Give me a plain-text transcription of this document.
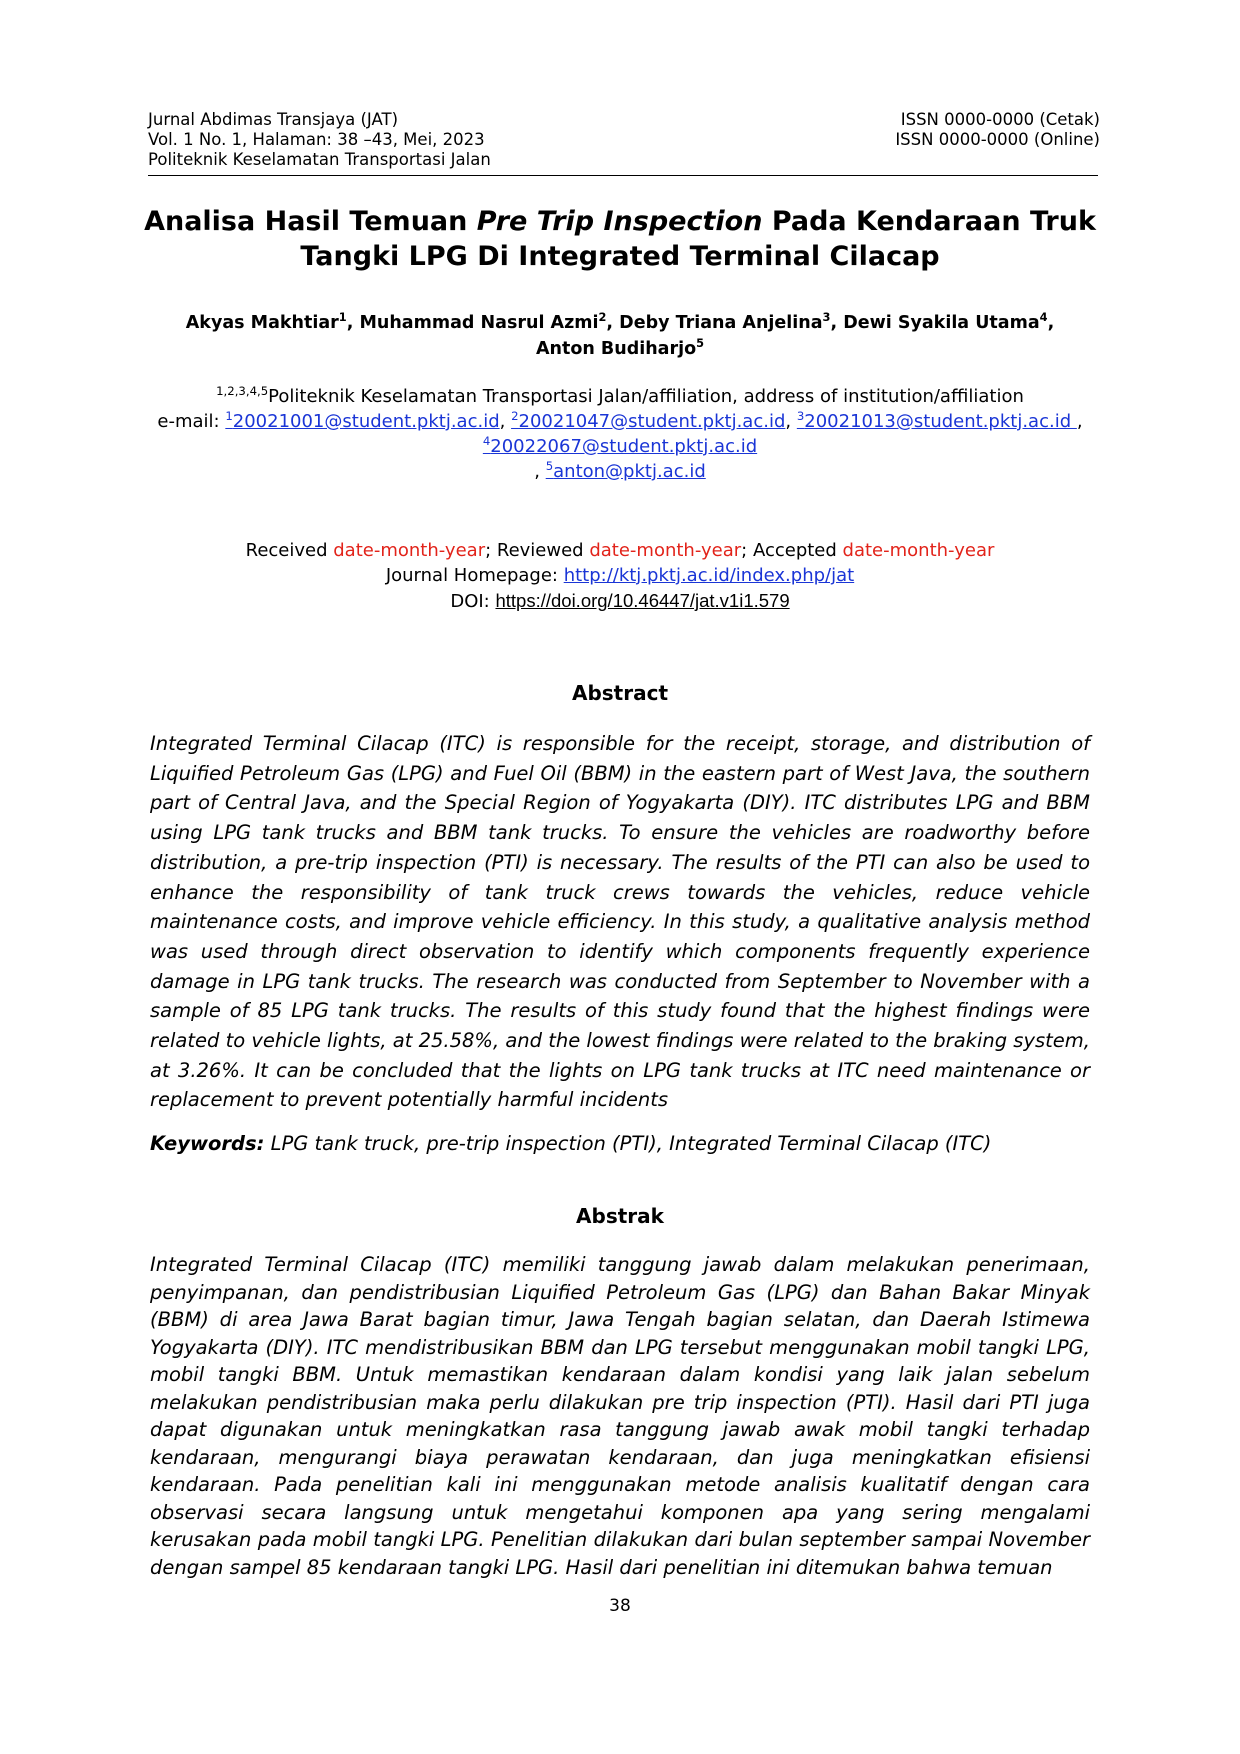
Jurnal Abdimas Transjaya (JAT)
Vol. 1 No. 1, Halaman: 38 –43, Mei, 2023
Politeknik Keselamatan Transportasi Jalan
ISSN 0000-0000 (Cetak)
ISSN 0000-0000 (Online)
Analisa Hasil Temuan Pre Trip Inspection Pada Kendaraan Truk Tangki LPG Di Integrated Terminal Cilacap
Akyas Makhtiar$^1$, Muhammad Nasrul Azmi$^2$, Deby Triana Anjelina$^3$, Dewi Syakila Utama$^4$,
Anton Budiharjo$^5$
$^{1,2,3,4,5}$Politeknik Keselamatan Transportasi Jalan/affiliation, address of institution/affiliation
e-mail: $^1$20021001@student.pktj.ac.id, $^2$20021047@student.pktj.ac.id, $^3$20021013@student.pktj.ac.id ,
$^4$20022067@student.pktj.ac.id
, $^5$anton@pktj.ac.id
Received date-month-year; Reviewed date-month-year; Accepted date-month-year
Journal Homepage: http://ktj.pktj.ac.id/index.php/jat
DOI: https://doi.org/10.46447/jat.v1i1.579
Abstract
Integrated Terminal Cilacap (ITC) is responsible for the receipt, storage, and distribution of Liquified Petroleum Gas (LPG) and Fuel Oil (BBM) in the eastern part of West Java, the southern part of Central Java, and the Special Region of Yogyakarta (DIY). ITC distributes LPG and BBM using LPG tank trucks and BBM tank trucks. To ensure the vehicles are roadworthy before distribution, a pre-trip inspection (PTI) is necessary. The results of the PTI can also be used to enhance the responsibility of tank truck crews towards the vehicles, reduce vehicle maintenance costs, and improve vehicle efficiency. In this study, a qualitative analysis method was used through direct observation to identify which components frequently experience damage in LPG tank trucks. The research was conducted from September to November with a sample of 85 LPG tank trucks. The results of this study found that the highest findings were related to vehicle lights, at 25.58%, and the lowest findings were related to the braking system, at 3.26%. It can be concluded that the lights on LPG tank trucks at ITC need maintenance or replacement to prevent potentially harmful incidents
Keywords: LPG tank truck, pre-trip inspection (PTI), Integrated Terminal Cilacap (ITC)
Abstrak
Integrated Terminal Cilacap (ITC) memiliki tanggung jawab dalam melakukan penerimaan, penyimpanan, dan pendistribusian Liquified Petroleum Gas (LPG) dan Bahan Bakar Minyak (BBM) di area Jawa Barat bagian timur, Jawa Tengah bagian selatan, dan Daerah Istimewa Yogyakarta (DIY). ITC mendistribusikan BBM dan LPG tersebut menggunakan mobil tangki LPG, mobil tangki BBM. Untuk memastikan kendaraan dalam kondisi yang laik jalan sebelum melakukan pendistribusian maka perlu dilakukan pre trip inspection (PTI). Hasil dari PTI juga dapat digunakan untuk meningkatkan rasa tanggung jawab awak mobil tangki terhadap kendaraan, mengurangi biaya perawatan kendaraan, dan juga meningkatkan efisiensi kendaraan. Pada penelitian kali ini menggunakan metode analisis kualitatif dengan cara observasi secara langsung untuk mengetahui komponen apa yang sering mengalami kerusakan pada mobil tangki LPG. Penelitian dilakukan dari bulan september sampai November dengan sampel 85 kendaraan tangki LPG. Hasil dari penelitian ini ditemukan bahwa temuan
38
